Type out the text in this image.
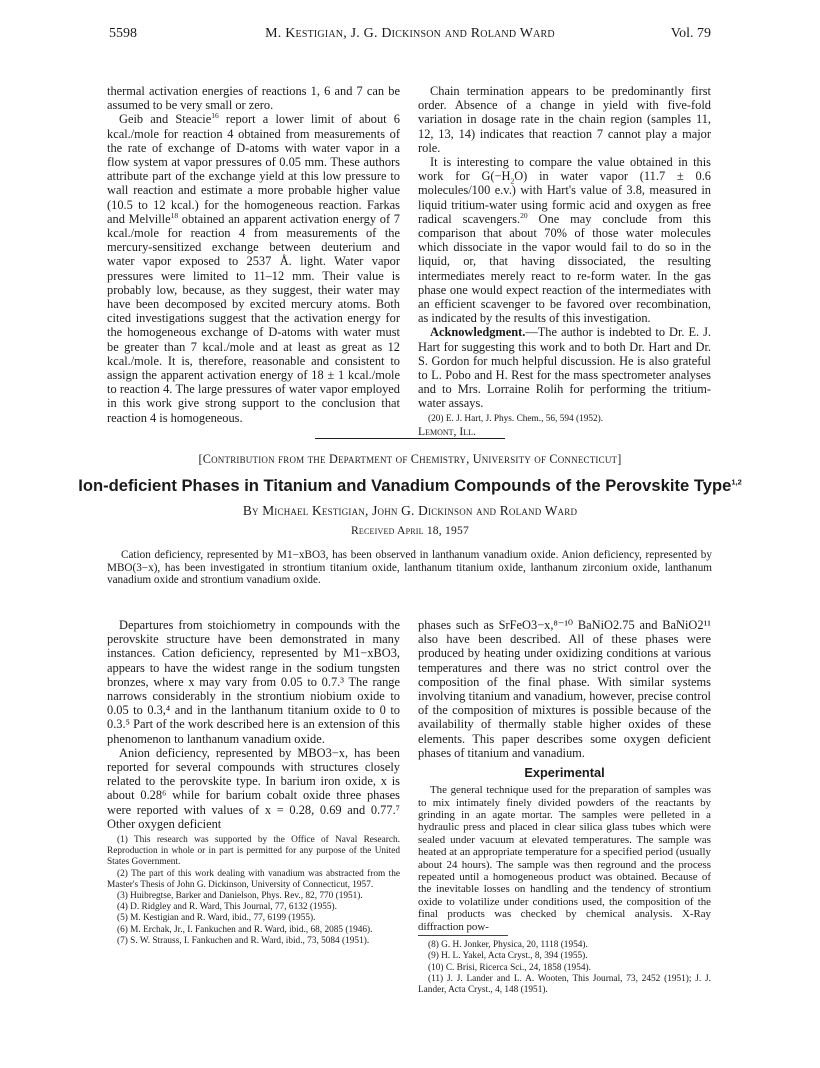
5598	M. Kestigian, J. G. Dickinson and Roland Ward	Vol. 79

thermal activation energies of reactions 1, 6 and 7 can be assumed to be very small or zero.

Geib and Steacie$^{16}$ report a lower limit of about 6 kcal./mole for reaction 4 obtained from measurements of the rate of exchange of D-atoms with water vapor in a flow system at vapor pressures of 0.05 mm. These authors attribute part of the exchange yield at this low pressure to wall reaction and estimate a more probable higher value (10.5 to 12 kcal.) for the homogeneous reaction. Farkas and Melville$^{18}$ obtained an apparent activation energy of 7 kcal./mole for reaction 4 from measurements of the mercury-sensitized exchange between deuterium and water vapor exposed to 2537 Å. light. Water vapor pressures were limited to 11–12 mm. Their value is probably low, because, as they suggest, their water may have been decomposed by excited mercury atoms. Both cited investigations suggest that the activation energy for the homogeneous exchange of D-atoms with water must be greater than 7 kcal./mole and at least as great as 12 kcal./mole. It is, therefore, reasonable and consistent to assign the apparent activation energy of 18 ± 1 kcal./mole to reaction 4. The large pressures of water vapor employed in this work give strong support to the conclusion that reaction 4 is homogeneous.

Chain termination appears to be predominantly first order. Absence of a change in yield with five-fold variation in dosage rate in the chain region (samples 11, 12, 13, 14) indicates that reaction 7 cannot play a major role.

It is interesting to compare the value obtained in this work for $G(-H_2O)$ in water vapor (11.7 ± 0.6 molecules/100 e.v.) with Hart's value of 3.8, measured in liquid tritium-water using formic acid and oxygen as free radical scavengers.$^{20}$ One may conclude from this comparison that about 70% of those water molecules which dissociate in the vapor would fail to do so in the liquid, or, that having dissociated, the resulting intermediates merely react to re-form water. In the gas phase one would expect reaction of the intermediates with an efficient scavenger to be favored over recombination, as indicated by the results of this investigation.

Acknowledgment.—The author is indebted to Dr. E. J. Hart for suggesting this work and to both Dr. Hart and Dr. S. Gordon for much helpful discussion. He is also grateful to L. Pobo and H. Rest for the mass spectrometer analyses and to Mrs. Lorraine Rolih for performing the tritium-water assays.

(20) E. J. Hart, J. Phys. Chem., 56, 594 (1952).

Lemont, Ill.

[Contribution from the Department of Chemistry, University of Connecticut]
Ion-deficient Phases in Titanium and Vanadium Compounds of the Perovskite Type$^{1,2}$
By Michael Kestigian, John G. Dickinson and Roland Ward
Received April 18, 1957

Cation deficiency, represented by M1−xBO3, has been observed in lanthanum vanadium oxide. Anion deficiency, represented by MBO(3−x), has been investigated in strontium titanium oxide, lanthanum titanium oxide, lanthanum zirconium oxide, lanthanum vanadium oxide and strontium vanadium oxide.

Departures from stoichiometry in compounds with the perovskite structure have been demonstrated in many instances. Cation deficiency, represented by M1−xBO3, appears to have the widest range in the sodium tungsten bronzes, where x may vary from 0.05 to 0.7.³ The range narrows considerably in the strontium niobium oxide to 0.05 to 0.3,⁴ and in the lanthanum titanium oxide to 0 to 0.3.⁵ Part of the work described here is an extension of this phenomenon to lanthanum vanadium oxide.

Anion deficiency, represented by MBO3−x, has been reported for several compounds with structures closely related to the perovskite type. In barium iron oxide, x is about 0.28⁶ while for barium cobalt oxide three phases were reported with values of x = 0.28, 0.69 and 0.77.⁷ Other oxygen deficient

(1) This research was supported by the Office of Naval Research. Reproduction in whole or in part is permitted for any purpose of the United States Government.

(2) The part of this work dealing with vanadium was abstracted from the Master's Thesis of John G. Dickinson, University of Connecticut, 1957.

(3) Huibregtse, Barker and Danielson, Phys. Rev., 82, 770 (1951).

(4) D. Ridgley and R. Ward, This Journal, 77, 6132 (1955).

(5) M. Kestigian and R. Ward, ibid., 77, 6199 (1955).

(6) M. Erchak, Jr., I. Fankuchen and R. Ward, ibid., 68, 2085 (1946).

(7) S. W. Strauss, I. Fankuchen and R. Ward, ibid., 73, 5084 (1951).

phases such as SrFeO3−x,⁸⁻¹⁰ BaNiO2.75 and BaNiO2¹¹ also have been described. All of these phases were produced by heating under oxidizing conditions at various temperatures and there was no strict control over the composition of the final phase. With similar systems involving titanium and vanadium, however, precise control of the composition of mixtures is possible because of the availability of thermally stable higher oxides of these elements. This paper describes some oxygen deficient phases of titanium and vanadium.

Experimental

The general technique used for the preparation of samples was to mix intimately finely divided powders of the reactants by grinding in an agate mortar. The samples were pelleted in a hydraulic press and placed in clear silica glass tubes which were sealed under vacuum at elevated temperatures. The sample was heated at an appropriate temperature for a specified period (usually about 24 hours). The sample was then reground and the process repeated until a homogeneous product was obtained. Because of the inevitable losses on handling and the tendency of strontium oxide to volatilize under conditions used, the composition of the final products was checked by chemical analysis. X-Ray diffraction pow-

(8) G. H. Jonker, Physica, 20, 1118 (1954).

(9) H. L. Yakel, Acta Cryst., 8, 394 (1955).

(10) C. Brisi, Ricerca Sci., 24, 1858 (1954).

(11) J. J. Lander and L. A. Wooten, This Journal, 73, 2452 (1951); J. J. Lander, Acta Cryst., 4, 148 (1951).
